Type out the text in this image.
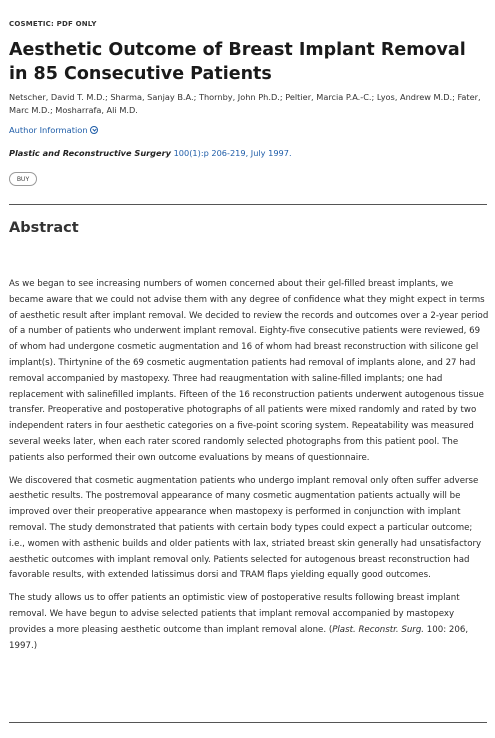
COSMETIC: PDF ONLY
Aesthetic Outcome of Breast Implant Removal in 85 Consecutive Patients
Netscher, David T. M.D.; Sharma, Sanjay B.A.; Thornby, John Ph.D.; Peltier, Marcia P.A.-C.; Lyos, Andrew M.D.; Fater, Marc M.D.; Mosharrafa, Ali M.D.
Author Information
Plastic and Reconstructive Surgery 100(1):p 206-219, July 1997.
BUY
Abstract

As we began to see increasing numbers of women concerned about their gel-filled breast implants, we became aware that we could not advise them with any degree of confidence what they might expect in terms of aesthetic result after implant removal. We decided to review the records and outcomes over a 2-year period of a number of patients who underwent implant removal. Eighty-five consecutive patients were reviewed, 69 of whom had undergone cosmetic augmentation and 16 of whom had breast reconstruction with silicone gel implant(s). Thirtynine of the 69 cosmetic augmentation patients had removal of implants alone, and 27 had removal accompanied by mastopexy. Three had reaugmentation with saline-filled implants; one had replacement with salinefilled implants. Fifteen of the 16 reconstruction patients underwent autogenous tissue transfer. Preoperative and postoperative photographs of all patients were mixed randomly and rated by two independent raters in four aesthetic categories on a five-point scoring system. Repeatability was measured several weeks later, when each rater scored randomly selected photographs from this patient pool. The patients also performed their own outcome evaluations by means of questionnaire.

We discovered that cosmetic augmentation patients who undergo implant removal only often suffer adverse aesthetic results. The postremoval appearance of many cosmetic augmentation patients actually will be improved over their preoperative appearance when mastopexy is performed in conjunction with implant removal. The study demonstrated that patients with certain body types could expect a particular outcome; i.e., women with asthenic builds and older patients with lax, striated breast skin generally had unsatisfactory aesthetic outcomes with implant removal only. Patients selected for autogenous breast reconstruction had favorable results, with extended latissimus dorsi and TRAM flaps yielding equally good outcomes.

The study allows us to offer patients an optimistic view of postoperative results following breast implant removal. We have begun to advise selected patients that implant removal accompanied by mastopexy provides a more pleasing aesthetic outcome than implant removal alone. (Plast. Reconstr. Surg. 100: 206, 1997.)
